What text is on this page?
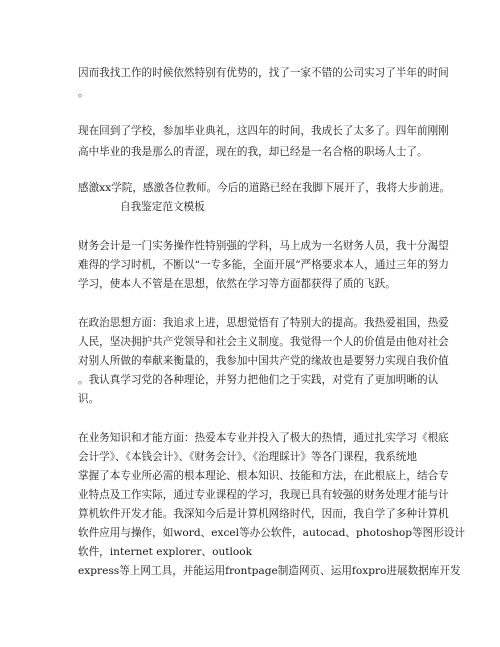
因而我找工作的时候依然特别有优势的，找了一家不错的公司实习了半年的时间
。
现在回到了学校，参加毕业典礼，这四年的时间，我成长了太多了。四年前刚刚
高中毕业的我是那么的青涩，现在的我，却已经是一名合格的职场人士了。
感激xx学院，感激各位教师。今后的道路已经在我脚下展开了，我将大步前进。
自我鉴定范文模板
财务会计是一门实务操作性特别强的学科，马上成为一名财务人员，我十分渴望
难得的学习时机，不断以“一专多能，全面开展”严格要求本人，通过三年的努力
学习，使本人不管是在思想，依然在学习等方面都获得了质的飞跃。
在政治思想方面：我追求上进，思想觉悟有了特别大的提高。我热爱祖国，热爱
人民，坚决拥护共产党领导和社会主义制度。我觉得一个人的价值是由他对社会
对别人所做的奉献来衡量的，我参加中国共产党的缘故也是要努力实现自我价值
。我认真学习党的各种理论，并努力把他们之于实践，对党有了更加明晰的认
识。
在业务知识和才能方面：热爱本专业并投入了极大的热情，通过扎实学习《根底
会计学》、《本钱会计》、《财务会计》、《治理睬计》等各门课程，我系统地
掌握了本专业所必需的根本理论、根本知识、技能和方法，在此根底上，结合专
业特点及工作实际，通过专业课程的学习，我现已具有较强的财务处理才能与计
算机软件开发才能。我深知今后是计算机网络时代，因而，我自学了多种计算机
软件应用与操作，如word、excel等办公软件，autocad、photoshop等图形设计
软件，internet explorer、outlook
express等上网工具，并能运用frontpage制造网页、运用foxpro进展数据库开发
